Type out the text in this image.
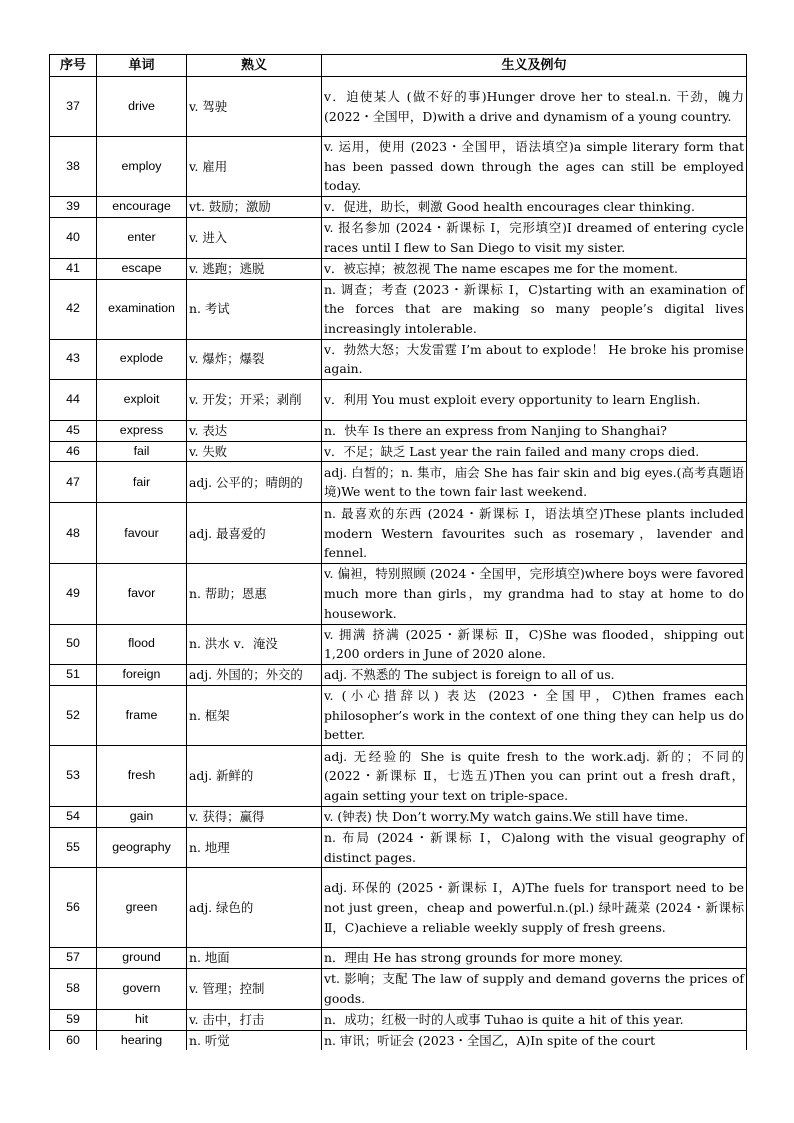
序号	单词	熟义	生义及例句
37	drive	v. 驾驶	v．迫使某人 (做不好的事)Hunger drove her to steal.n. 干劲，魄力 (2022・全国甲，D)with a drive and dynamism of a young country.
38	employ	v. 雇用	v. 运用，使用 (2023・全国甲，语法填空)a simple literary form that has been passed down through the ages can still be employed today.
39	encourage	vt. 鼓励；激励	v．促进，助长，刺激 Good health encourages clear thinking.
40	enter	v. 进入	v. 报名参加 (2024・新课标 Ⅰ，完形填空)I dreamed of entering cycle races until I flew to San Diego to visit my sister.
41	escape	v. 逃跑；逃脱	v．被忘掉；被忽视 The name escapes me for the moment.
42	examination	n. 考试	n. 调查；考查 (2023・新课标 Ⅰ，C)starting with an examination of the forces that are making so many people’s digital lives increasingly intolerable.
43	explode	v. 爆炸；爆裂	v．勃然大怒；大发雷霆 I’m about to explode！ He broke his promise again.
44	exploit	v. 开发；开采；剥削	v．利用 You must exploit every opportunity to learn English.
45	express	v. 表达	n．快车 Is there an express from Nanjing to Shanghai?
46	fail	v. 失败	v．不足；缺乏 Last year the rain failed and many crops died.
47	fair	adj. 公平的；晴朗的	adj. 白皙的；n. 集市，庙会 She has fair skin and big eyes.(高考真题语境)We went to the town fair last weekend.
48	favour	adj. 最喜爱的	n. 最喜欢的东西 (2024・新课标 Ⅰ，语法填空)These plants included modern Western favourites such as rosemary，lavender and fennel.
49	favor	n. 帮助；恩惠	v. 偏袒，特别照顾 (2024・全国甲，完形填空)where boys were favored much more than girls，my grandma had to stay at home to do housework.
50	flood	n. 洪水 v．淹没	v. 拥满 挤满 (2025・新课标 Ⅱ，C)She was flooded，shipping out 1,200 orders in June of 2020 alone.
51	foreign	adj. 外国的；外交的	adj. 不熟悉的 The subject is foreign to all of us.
52	frame	n. 框架	v. (小心措辞以) 表达 (2023・全国甲，C)then frames each philosopher’s work in the context of one thing they can help us do better.
53	fresh	adj. 新鲜的	adj. 无经验的 She is quite fresh to the work.adj. 新的；不同的(2022・新课标 Ⅱ，七选五)Then you can print out a fresh draft， again setting your text on triple-space.
54	gain	v. 获得；赢得	v. (钟表) 快 Don’t worry.My watch gains.We still have time.
55	geography	n. 地理	n. 布局 (2024・新课标 Ⅰ，C)along with the visual geography of distinct pages.
56	green	adj. 绿色的	adj. 环保的 (2025・新课标 Ⅰ，A)The fuels for transport need to be not just green，cheap and powerful.n.(pl.) 绿叶蔬菜 (2024・新课标 Ⅱ，C)achieve a reliable weekly supply of fresh greens.
57	ground	n. 地面	n．理由 He has strong grounds for more money.
58	govern	v. 管理；控制	vt. 影响；支配 The law of supply and demand governs the prices of goods.
59	hit	v. 击中，打击	n．成功；红极一时的人或事 Tuhao is quite a hit of this year.
60	hearing	n. 听觉	n. 审讯；听证会 (2023・全国乙，A)In spite of the court
